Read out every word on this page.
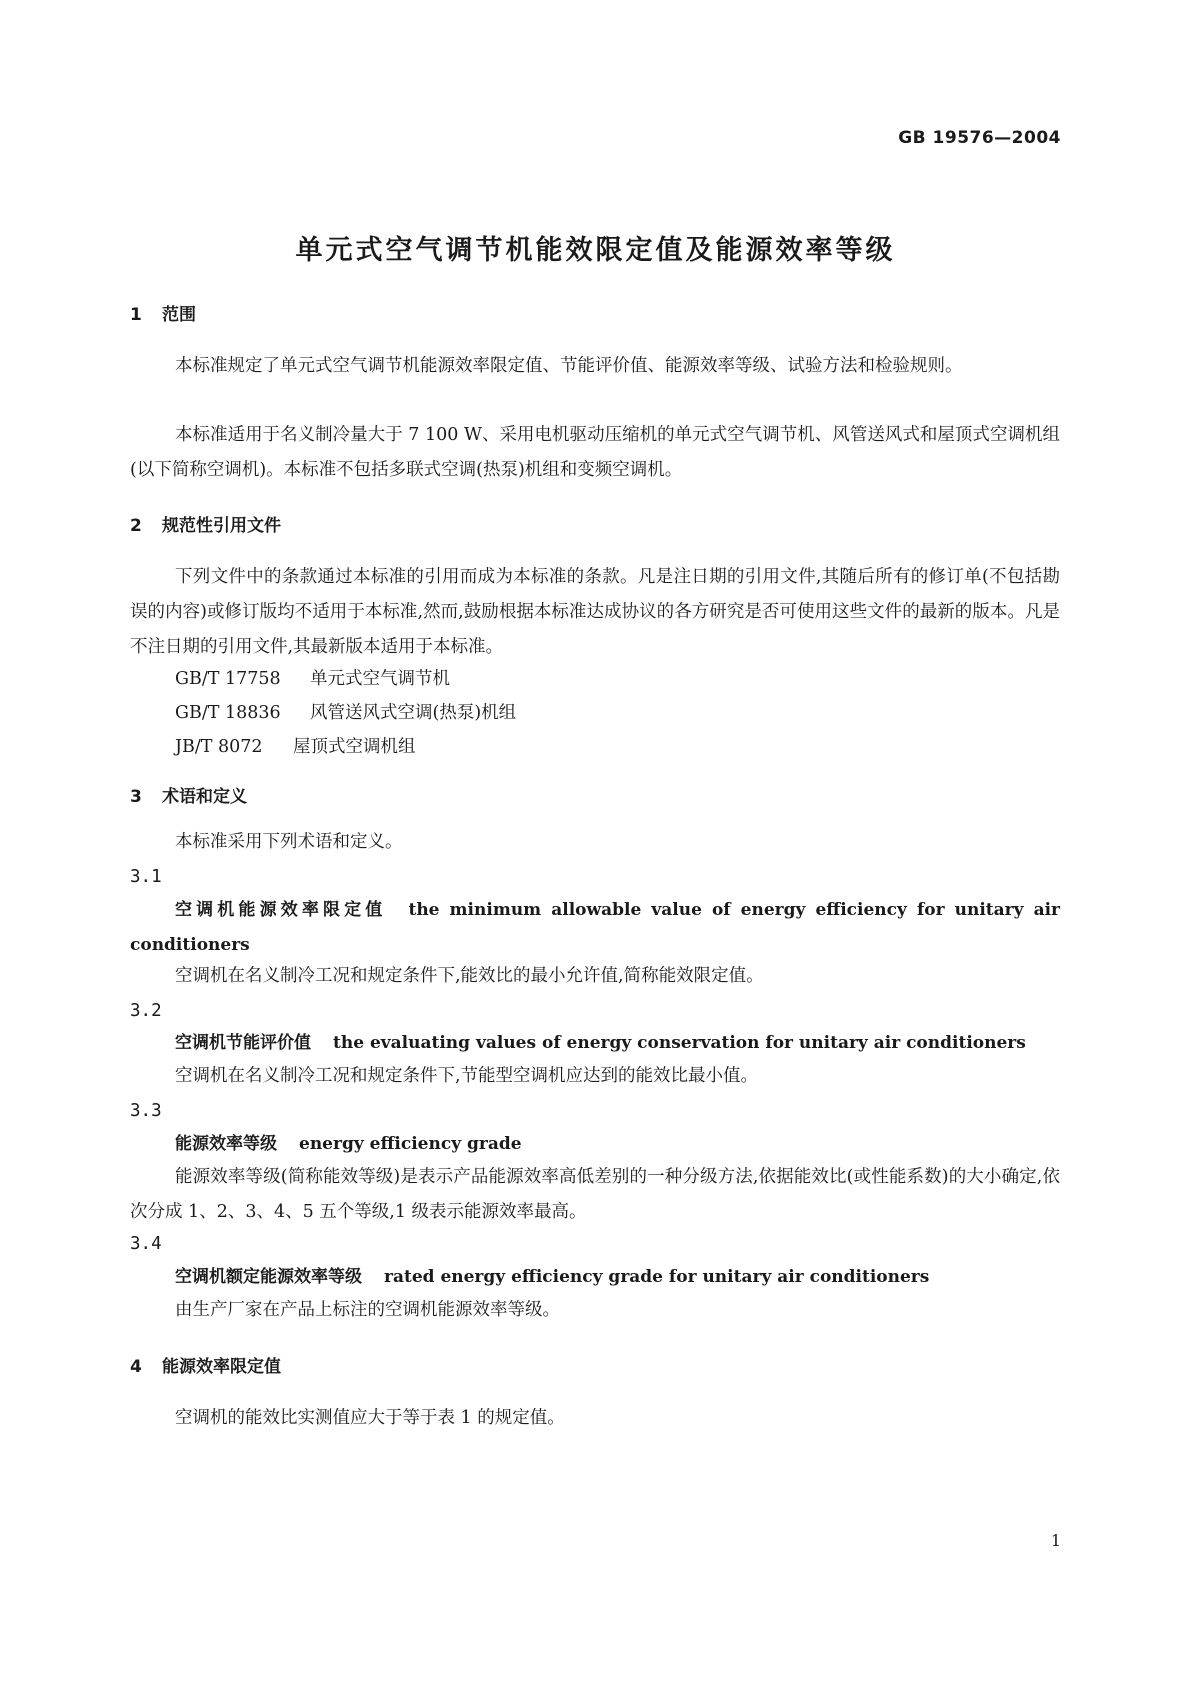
GB 19576—2004
单元式空气调节机能效限定值及能源效率等级
1 范围
本标准规定了单元式空气调节机能源效率限定值、节能评价值、能源效率等级、试验方法和检验规则。
本标准适用于名义制冷量大于 7 100 W、采用电机驱动压缩机的单元式空气调节机、风管送风式和屋顶式空调机组(以下简称空调机)。本标准不包括多联式空调(热泵)机组和变频空调机。
2 规范性引用文件
下列文件中的条款通过本标准的引用而成为本标准的条款。凡是注日期的引用文件,其随后所有的修订单(不包括勘误的内容)或修订版均不适用于本标准,然而,鼓励根据本标准达成协议的各方研究是否可使用这些文件的最新的版本。凡是不注日期的引用文件,其最新版本适用于本标准。
GB/T 17758 单元式空气调节机
GB/T 18836 风管送风式空调(热泵)机组
JB/T 8072 屋顶式空调机组
3 术语和定义
本标准采用下列术语和定义。
3.1
空调机能源效率限定值 the minimum allowable value of energy efficiency for unitary air conditioners
空调机在名义制冷工况和规定条件下,能效比的最小允许值,简称能效限定值。
3.2
空调机节能评价值 the evaluating values of energy conservation for unitary air conditioners
空调机在名义制冷工况和规定条件下,节能型空调机应达到的能效比最小值。
3.3
能源效率等级 energy efficiency grade
能源效率等级(简称能效等级)是表示产品能源效率高低差别的一种分级方法,依据能效比(或性能系数)的大小确定,依次分成 1、2、3、4、5 五个等级,1 级表示能源效率最高。
3.4
空调机额定能源效率等级 rated energy efficiency grade for unitary air conditioners
由生产厂家在产品上标注的空调机能源效率等级。
4 能源效率限定值
空调机的能效比实测值应大于等于表 1 的规定值。
1
